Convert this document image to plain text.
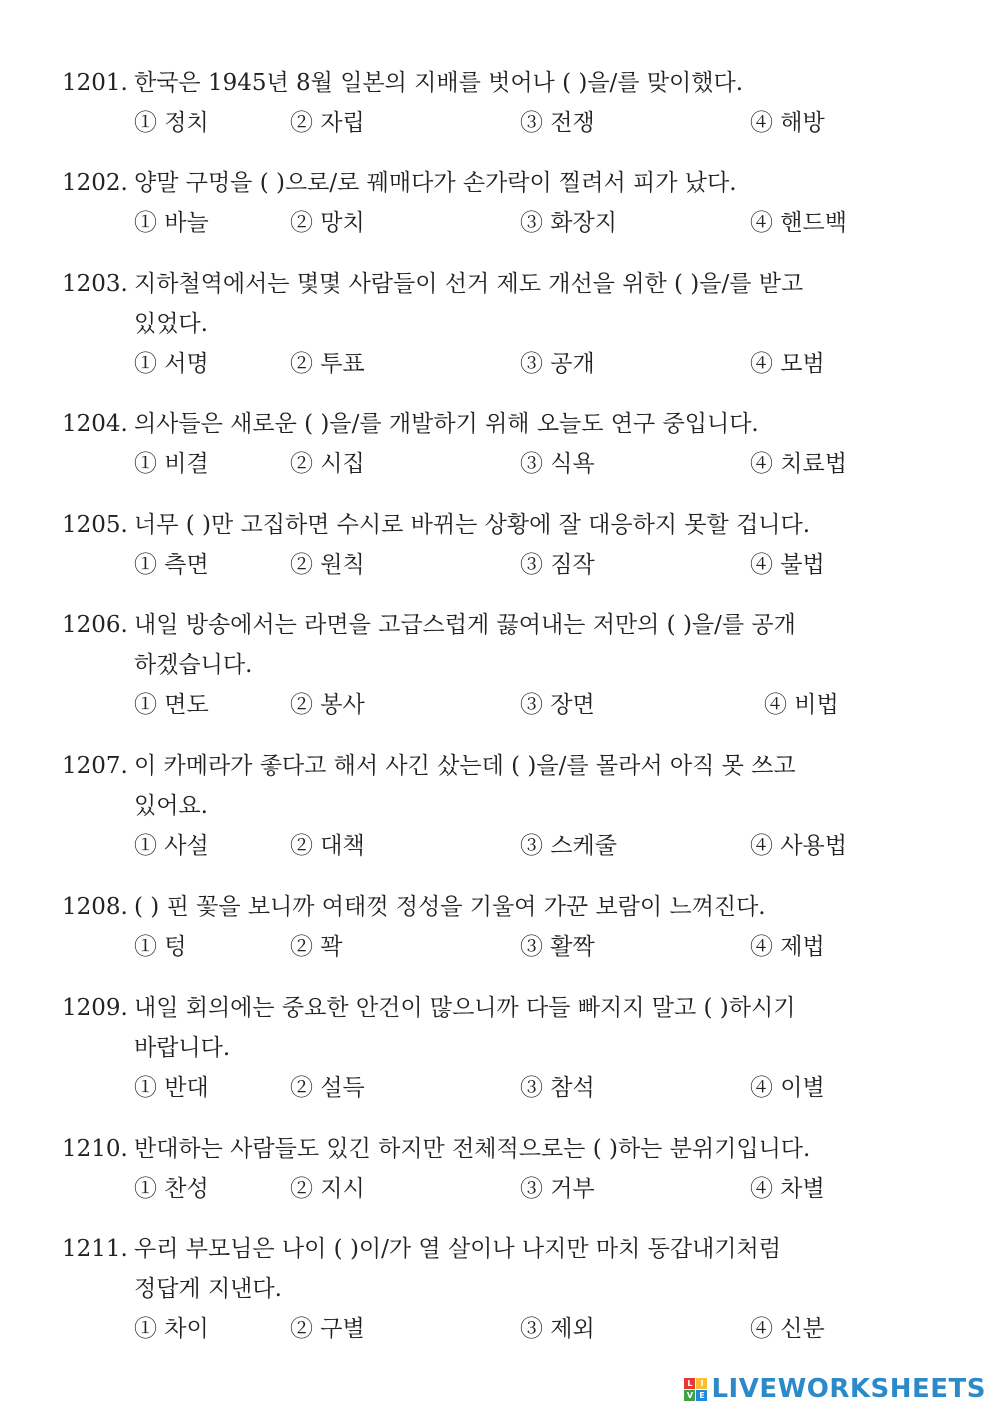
1201. 한국은 1945년 8월 일본의 지배를 벗어나 ( )을/를 맞이했다.
① 정치	② 자립	③ 전쟁	④ 해방
1202. 양말 구멍을 ( )으로/로 꿰매다가 손가락이 찔려서 피가 났다.
① 바늘	② 망치	③ 화장지	④ 핸드백
1203. 지하철역에서는 몇몇 사람들이 선거 제도 개선을 위한 ( )을/를 받고
있었다.
① 서명	② 투표	③ 공개	④ 모범
1204. 의사들은 새로운 ( )을/를 개발하기 위해 오늘도 연구 중입니다.
① 비결	② 시집	③ 식욕	④ 치료법
1205. 너무 ( )만 고집하면 수시로 바뀌는 상황에 잘 대응하지 못할 겁니다.
① 측면	② 원칙	③ 짐작	④ 불법
1206. 내일 방송에서는 라면을 고급스럽게 끓여내는 저만의 ( )을/를 공개
하겠습니다.
① 면도	② 봉사	③ 장면	④ 비법
1207. 이 카메라가 좋다고 해서 사긴 샀는데 ( )을/를 몰라서 아직 못 쓰고
있어요.
① 사설	② 대책	③ 스케줄	④ 사용법
1208. ( ) 핀 꽃을 보니까 여태껏 정성을 기울여 가꾼 보람이 느껴진다.
① 텅	② 꽉	③ 활짝	④ 제법
1209. 내일 회의에는 중요한 안건이 많으니까 다들 빠지지 말고 ( )하시기
바랍니다.
① 반대	② 설득	③ 참석	④ 이별
1210. 반대하는 사람들도 있긴 하지만 전체적으로는 ( )하는 분위기입니다.
① 찬성	② 지시	③ 거부	④ 차별
1211. 우리 부모님은 나이 ( )이/가 열 살이나 나지만 마치 동갑내기처럼
정답게 지낸다.
① 차이	② 구별	③ 제외	④ 신분
L I
V E LIVEWORKSHEETS
